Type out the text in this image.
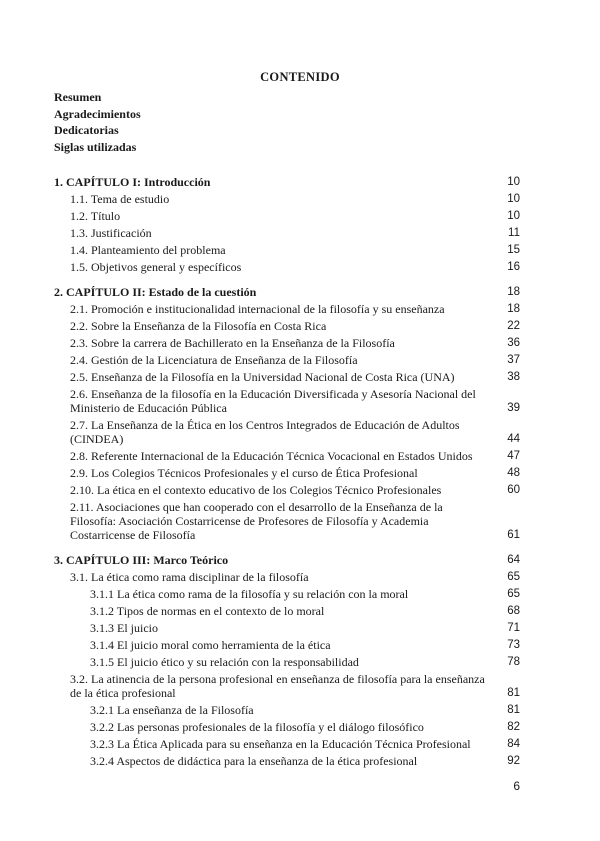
CONTENIDO
Resumen
Agradecimientos
Dedicatorias
Siglas utilizadas
1. CAPÍTULO I: Introducción	10
1.1. Tema de estudio	10
1.2. Título	10
1.3. Justificación	11
1.4. Planteamiento del problema	15
1.5. Objetivos general y específicos	16
2. CAPÍTULO II: Estado de la cuestión	18
2.1. Promoción e institucionalidad internacional de la filosofía y su enseñanza	18
2.2. Sobre la Enseñanza de la Filosofía en Costa Rica	22
2.3. Sobre la carrera de Bachillerato en la Enseñanza de la Filosofía	36
2.4. Gestión de la Licenciatura de Enseñanza de la Filosofía	37
2.5. Enseñanza de la Filosofía en la Universidad Nacional de Costa Rica (UNA)	38
2.6. Enseñanza de la filosofía en la Educación Diversificada y Asesoría Nacional del Ministerio de Educación Pública	39
2.7. La Enseñanza de la Ética en los Centros Integrados de Educación de Adultos (CINDEA)	44
2.8. Referente Internacional de la Educación Técnica Vocacional en Estados Unidos	47
2.9. Los Colegios Técnicos Profesionales y el curso de Ética Profesional	48
2.10. La ética en el contexto educativo de los Colegios Técnico Profesionales	60
2.11. Asociaciones que han cooperado con el desarrollo de la Enseñanza de la Filosofía: Asociación Costarricense de Profesores de Filosofía y Academia Costarricense de Filosofía	61
3. CAPÍTULO III: Marco Teórico	64
3.1. La ética como rama disciplinar de la filosofía	65
3.1.1 La ética como rama de la filosofía y su relación con la moral	65
3.1.2 Tipos de normas en el contexto de lo moral	68
3.1.3 El juicio	71
3.1.4 El juicio moral como herramienta de la ética	73
3.1.5 El juicio ético y su relación con la responsabilidad	78
3.2. La atinencia de la persona profesional en enseñanza de filosofía para la enseñanza de la ética profesional	81
3.2.1 La enseñanza de la Filosofía	81
3.2.2 Las personas profesionales de la filosofía y el diálogo filosófico	82
3.2.3 La Ética Aplicada para su enseñanza en la Educación Técnica Profesional	84
3.2.4 Aspectos de didáctica para la enseñanza de la ética profesional	92
6
